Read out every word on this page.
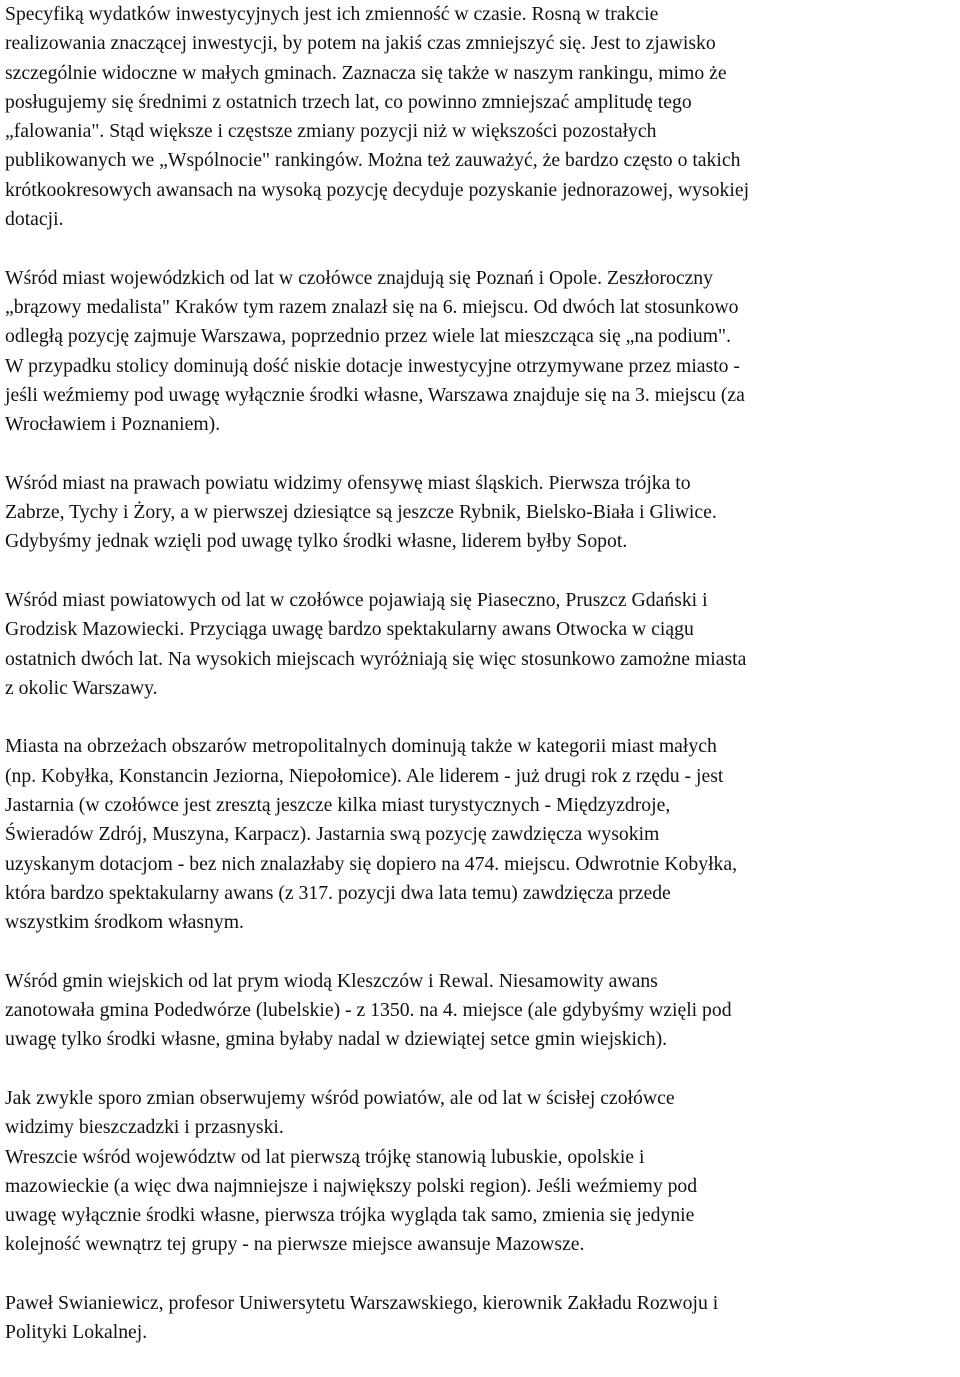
Specyfiką wydatków inwestycyjnych jest ich zmienność w czasie. Rosną w trakcie
realizowania znaczącej inwestycji, by potem na jakiś czas zmniejszyć się. Jest to zjawisko
szczególnie widoczne w małych gminach. Zaznacza się także w naszym rankingu, mimo że
posługujemy się średnimi z ostatnich trzech lat, co powinno zmniejszać amplitudę tego
„falowania". Stąd większe i częstsze zmiany pozycji niż w większości pozostałych
publikowanych we „Wspólnocie" rankingów. Można też zauważyć, że bardzo często o takich
krótkookresowych awansach na wysoką pozycję decyduje pozyskanie jednorazowej, wysokiej
dotacji.
Wśród miast wojewódzkich od lat w czołówce znajdują się Poznań i Opole. Zeszłoroczny
„brązowy medalista" Kraków tym razem znalazł się na 6. miejscu. Od dwóch lat stosunkowo
odległą pozycję zajmuje Warszawa, poprzednio przez wiele lat mieszcząca się „na podium".
W przypadku stolicy dominują dość niskie dotacje inwestycyjne otrzymywane przez miasto -
jeśli weźmiemy pod uwagę wyłącznie środki własne, Warszawa znajduje się na 3. miejscu (za
Wrocławiem i Poznaniem).
Wśród miast na prawach powiatu widzimy ofensywę miast śląskich. Pierwsza trójka to
Zabrze, Tychy i Żory, a w pierwszej dziesiątce są jeszcze Rybnik, Bielsko-Biała i Gliwice.
Gdybyśmy jednak wzięli pod uwagę tylko środki własne, liderem byłby Sopot.
Wśród miast powiatowych od lat w czołówce pojawiają się Piaseczno, Pruszcz Gdański i
Grodzisk Mazowiecki. Przyciąga uwagę bardzo spektakularny awans Otwocka w ciągu
ostatnich dwóch lat. Na wysokich miejscach wyróżniają się więc stosunkowo zamożne miasta
z okolic Warszawy.
Miasta na obrzeżach obszarów metropolitalnych dominują także w kategorii miast małych
(np. Kobyłka, Konstancin Jeziorna, Niepołomice). Ale liderem - już drugi rok z rzędu - jest
Jastarnia (w czołówce jest zresztą jeszcze kilka miast turystycznych - Międzyzdroje,
Świeradów Zdrój, Muszyna, Karpacz). Jastarnia swą pozycję zawdzięcza wysokim
uzyskanym dotacjom - bez nich znalazłaby się dopiero na 474. miejscu. Odwrotnie Kobyłka,
która bardzo spektakularny awans (z 317. pozycji dwa lata temu) zawdzięcza przede
wszystkim środkom własnym.
Wśród gmin wiejskich od lat prym wiodą Kleszczów i Rewal. Niesamowity awans
zanotowała gmina Podedwórze (lubelskie) - z 1350. na 4. miejsce (ale gdybyśmy wzięli pod
uwagę tylko środki własne, gmina byłaby nadal w dziewiątej setce gmin wiejskich).
Jak zwykle sporo zmian obserwujemy wśród powiatów, ale od lat w ścisłej czołówce
widzimy bieszczadzki i przasnyski.
Wreszcie wśród województw od lat pierwszą trójkę stanowią lubuskie, opolskie i
mazowieckie (a więc dwa najmniejsze i największy polski region). Jeśli weźmiemy pod
uwagę wyłącznie środki własne, pierwsza trójka wygląda tak samo, zmienia się jedynie
kolejność wewnątrz tej grupy - na pierwsze miejsce awansuje Mazowsze.
Paweł Swianiewicz, profesor Uniwersytetu Warszawskiego, kierownik Zakładu Rozwoju i
Polityki Lokalnej.
